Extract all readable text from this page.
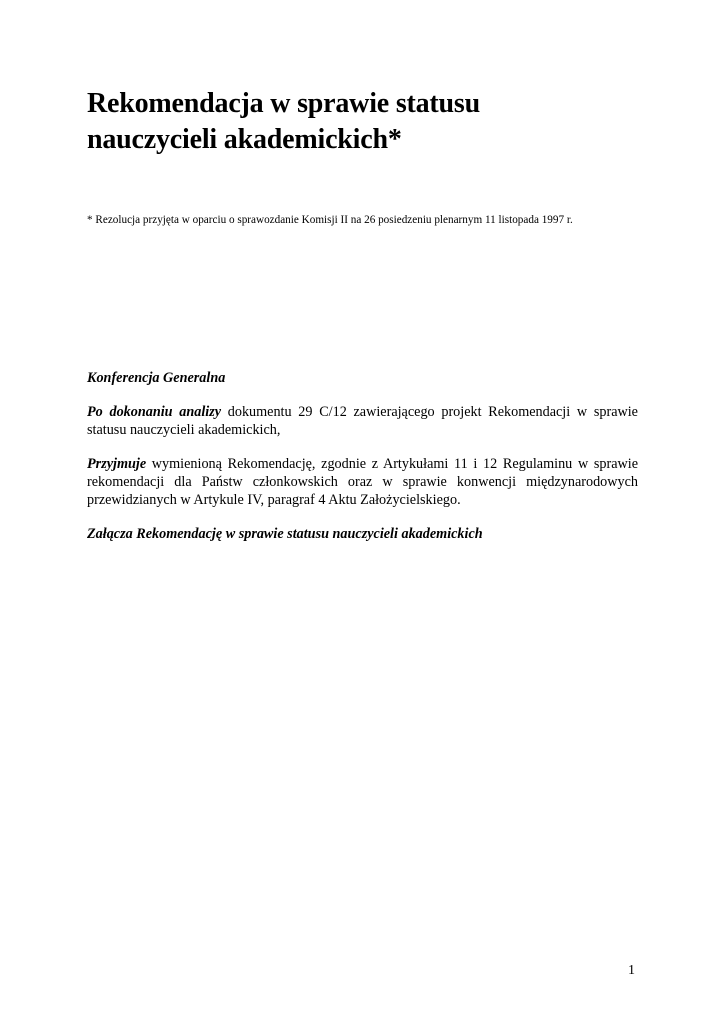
Rekomendacja w sprawie statusu
nauczycieli akademickich*

* Rezolucja przyjęta w oparciu o sprawozdanie Komisji II na 26 posiedzeniu plenarnym 11 listopada 1997 r.

Konferencja Generalna

Po dokonaniu analizy dokumentu 29 C/12 zawierającego projekt Rekomendacji w sprawie statusu nauczycieli akademickich,

Przyjmuje wymienioną Rekomendację, zgodnie z Artykułami 11 i 12 Regulaminu w sprawie rekomendacji dla Państw członkowskich oraz w sprawie konwencji międzynarodowych przewidzianych w Artykule IV, paragraf 4 Aktu Założycielskiego.

Załącza Rekomendację w sprawie statusu nauczycieli akademickich

1
